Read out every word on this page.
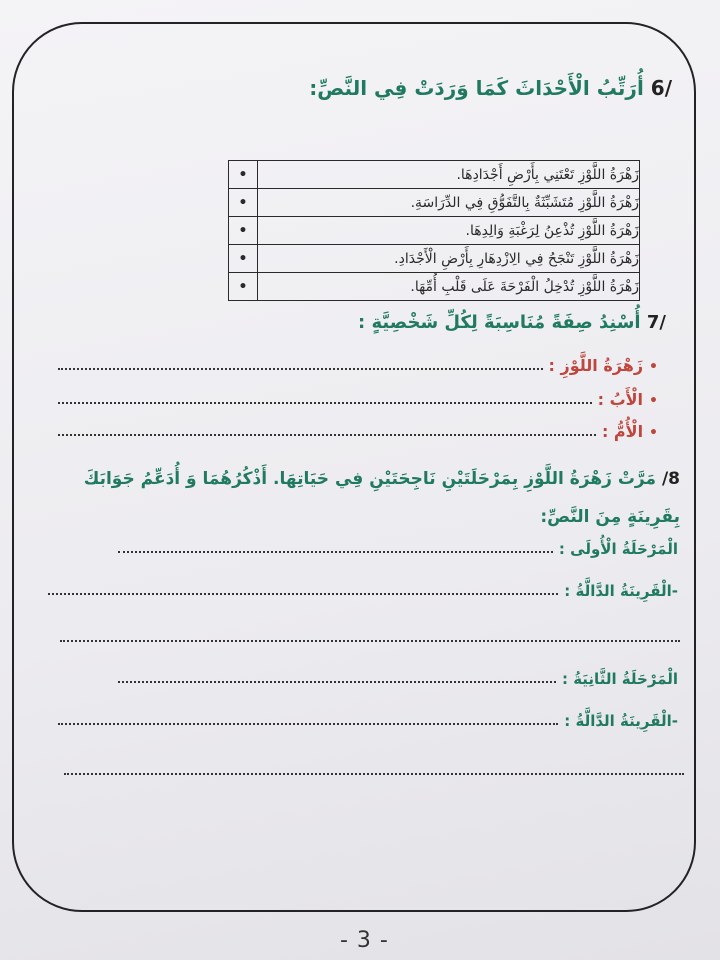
/6 أُرَتِّبُ الْأَحْدَاثَ كَمَا وَرَدَتْ فِي النَّصِّ:
زَهْرَةُ اللَّوْزِ تَعْتَنِي بِأَرْضِ أَجْدَادِهَا.	•
زَهْرَةُ اللَّوْزِ مُتَشَبِّثَةٌ بِالتَّفَوُّقِ فِي الدِّرَاسَةِ.	•
زَهْرَةُ اللَّوْزِ تُذْعِنُ لِرَغْبَةِ وَالِدِهَا.	•
زَهْرَةُ اللَّوْزِ تَنْجَحُ فِي الِازْدِهَارِ بِأَرْضِ الْأَجْدَادِ.	•
زَهْرَةُ اللَّوْزِ تُدْخِلُ الْفَرْحَةَ عَلَى قَلْبِ أُمِّهَا.	•
/7 أُسْنِدُ صِفَةً مُنَاسِبَةً لِكُلِّ شَخْصِيَّةٍ :
•
زَهْرَةُ اللَّوْزِ :
•
الْأَبُ :
•
الْأُمُّ :
8/ مَرَّتْ زَهْرَةُ اللَّوْزِ بِمَرْحَلَتَيْنِ نَاجِحَتَيْنِ فِي حَيَاتِهَا. أَذْكُرُهُمَا وَ أُدَعِّمُ جَوَابَكَ بِقَرِينَةٍ مِنَ النَّصِّ:
الْمَرْحَلَةُ الْأُولَى :
-الْقَرِينَةُ الدَّالَّةُ :
الْمَرْحَلَةُ الثَّانِيَةُ :
-الْقَرِينَةُ الدَّالَّةُ :
- 3 -
